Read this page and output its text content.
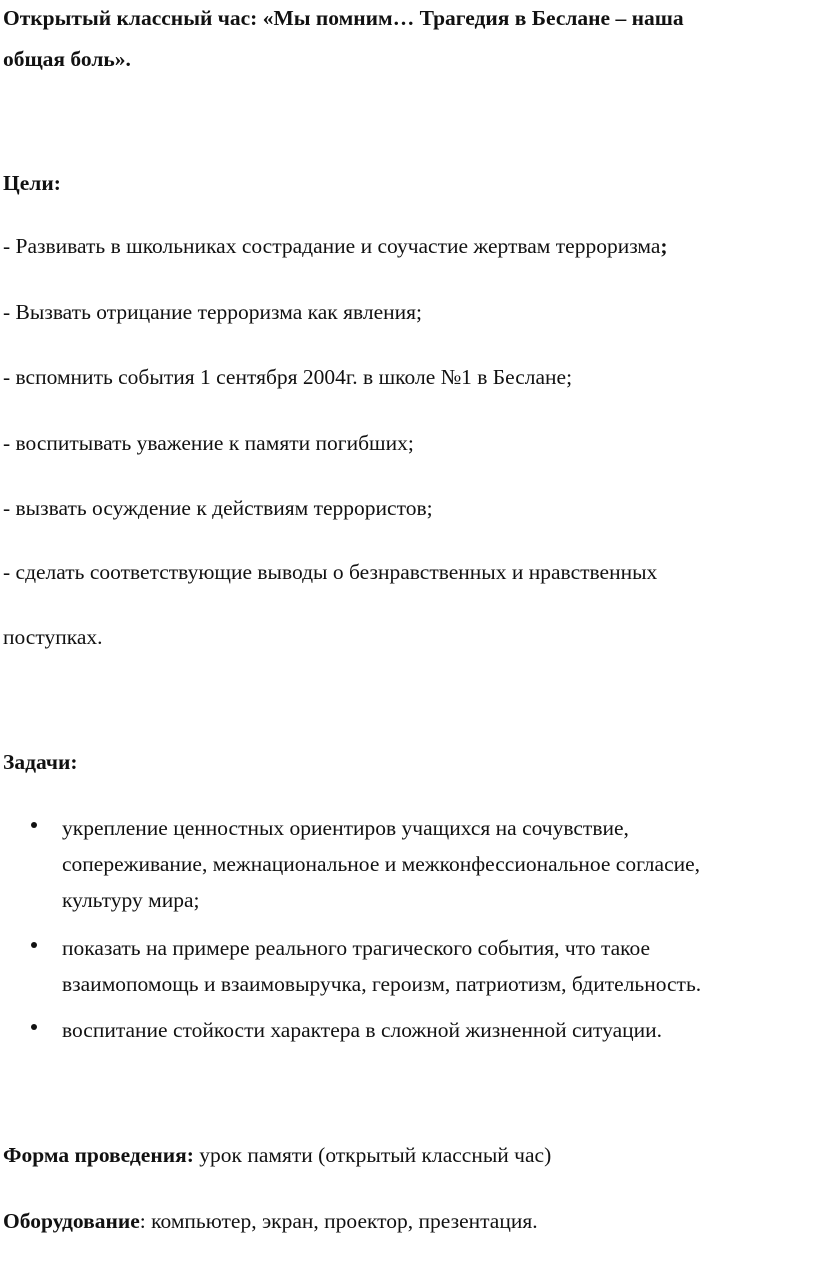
Открытый классный час: «Мы помним… Трагедия в Беслане – наша

общая боль».

Цели:

- Развивать в школьниках сострадание и соучастие жертвам терроризма;

- Вызвать отрицание терроризма как явления;

- вспомнить события 1 сентября 2004г. в школе №1 в Беслане;

- воспитывать уважение к памяти погибших;

- вызвать осуждение к действиям террористов;

- сделать соответствующие выводы о безнравственных и нравственных

поступках.

Задачи:

укрепление ценностных ориентиров учащихся на сочувствие,
сопереживание, межнациональное и межконфессиональное согласие,
культуру мира;
показать на примере реального трагического события, что такое
взаимопомощь и взаимовыручка, героизм, патриотизм, бдительность.
воспитание стойкости характера в сложной жизненной ситуации.

Форма проведения: урок памяти (открытый классный час)

Оборудование: компьютер, экран, проектор, презентация.
